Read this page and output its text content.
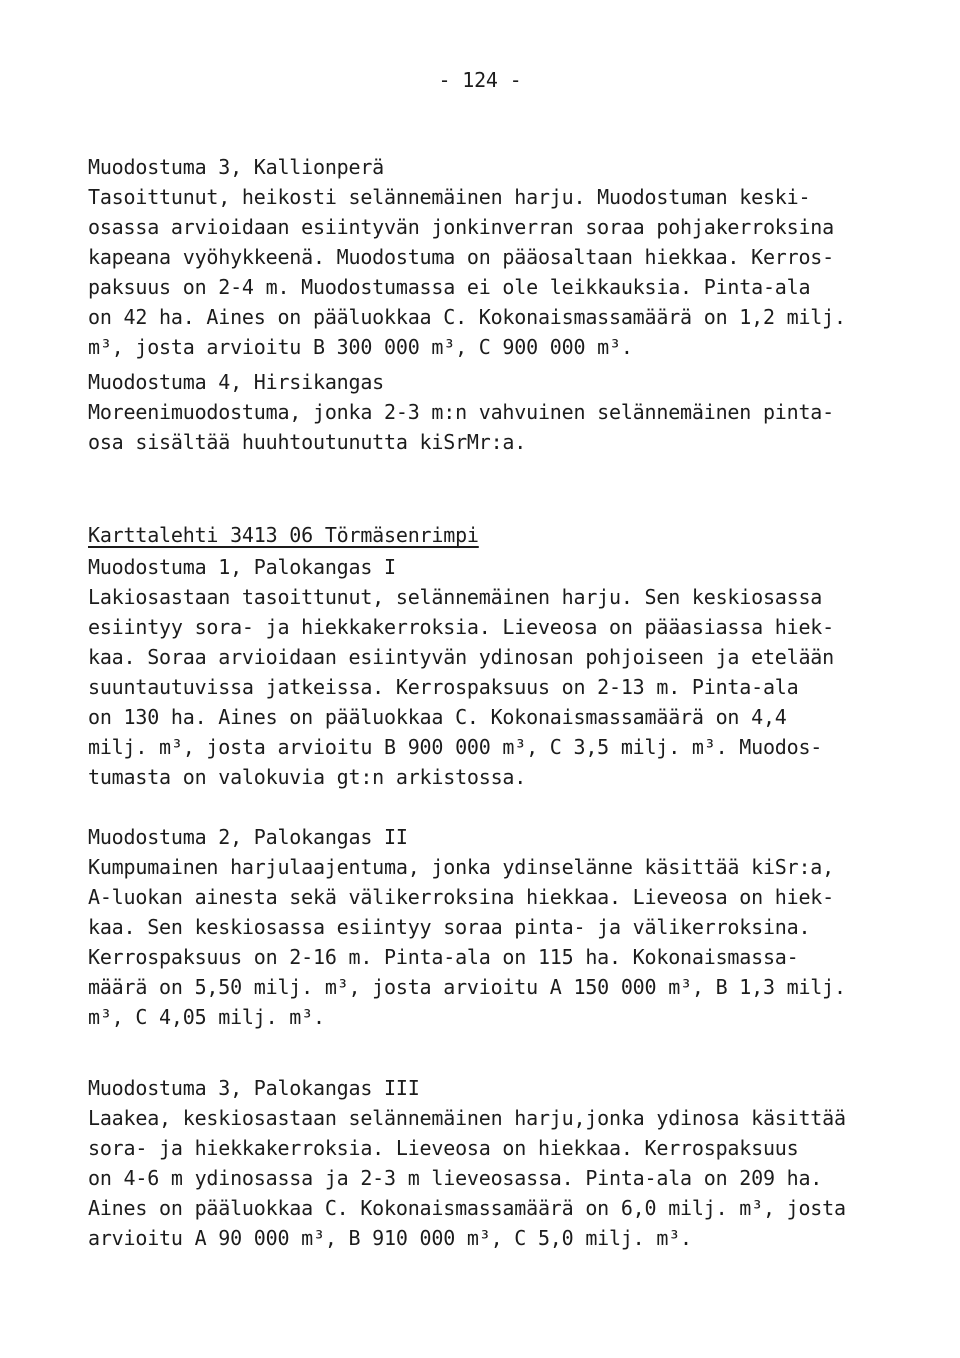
- 124 -
Muodostuma 3, Kallionperä
Tasoittunut, heikosti selännemäinen harju. Muodostuman keski-
osassa arvioidaan esiintyvän jonkinverran soraa pohjakerroksina
kapeana vyöhykkeenä. Muodostuma on pääosaltaan hiekkaa. Kerros-
paksuus on 2-4 m. Muodostumassa ei ole leikkauksia. Pinta-ala
on 42 ha. Aines on pääluokkaa C. Kokonaismassamäärä on 1,2 milj.
m³, josta arvioitu B 300 000 m³, C 900 000 m³.
Muodostuma 4, Hirsikangas
Moreenimuodostuma, jonka 2-3 m:n vahvuinen selännemäinen pinta-
osa sisältää huuhtoutunutta kiSrMr:a.
Karttalehti 3413 06 Törmäsenrimpi
Muodostuma 1, Palokangas I
Lakiosastaan tasoittunut, selännemäinen harju. Sen keskiosassa
esiintyy sora- ja hiekkakerroksia. Lieveosa on pääasiassa hiek-
kaa. Soraa arvioidaan esiintyvän ydinosan pohjoiseen ja etelään
suuntautuvissa jatkeissa. Kerrospaksuus on 2-13 m. Pinta-ala
on 130 ha. Aines on pääluokkaa C. Kokonaismassamäärä on 4,4
milj. m³, josta arvioitu B 900 000 m³, C 3,5 milj. m³. Muodos-
tumasta on valokuvia gt:n arkistossa.
Muodostuma 2, Palokangas II
Kumpumainen harjulaajentuma, jonka ydinselänne käsittää kiSr:a,
A-luokan ainesta sekä välikerroksina hiekkaa. Lieveosa on hiek-
kaa. Sen keskiosassa esiintyy soraa pinta- ja välikerroksina.
Kerrospaksuus on 2-16 m. Pinta-ala on 115 ha. Kokonaismassa-
määrä on 5,50 milj. m³, josta arvioitu A 150 000 m³, B 1,3 milj.
m³, C 4,05 milj. m³.
Muodostuma 3, Palokangas III
Laakea, keskiosastaan selännemäinen harju,jonka ydinosa käsittää
sora- ja hiekkakerroksia. Lieveosa on hiekkaa. Kerrospaksuus
on 4-6 m ydinosassa ja 2-3 m lieveosassa. Pinta-ala on 209 ha.
Aines on pääluokkaa C. Kokonaismassamäärä on 6,0 milj. m³, josta
arvioitu A 90 000 m³, B 910 000 m³, C 5,0 milj. m³.
